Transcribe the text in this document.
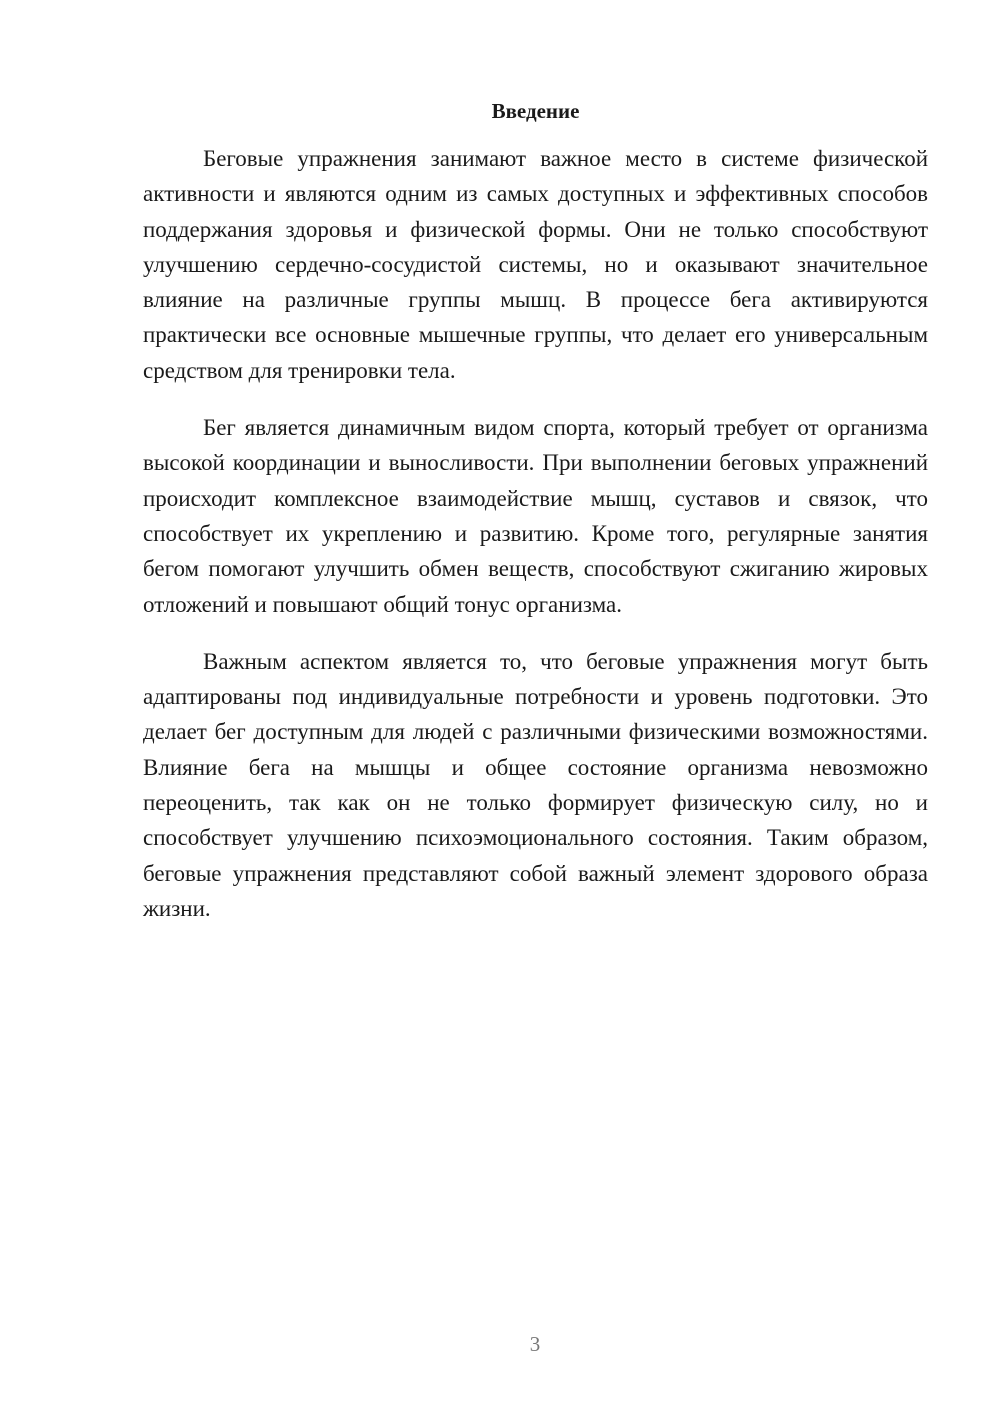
Введение

Беговые упражнения занимают важное место в системе физической активности и являются одним из самых доступных и эффективных способов поддержания здоровья и физической формы. Они не только способствуют улучшению сердечно-сосудистой системы, но и оказывают значительное влияние на различные группы мышц. В процессе бега активируются практически все основные мышечные группы, что делает его универсальным средством для тренировки тела.

Бег является динамичным видом спорта, который требует от организма высокой координации и выносливости. При выполнении беговых упражнений происходит комплексное взаимодействие мышц, суставов и связок, что способствует их укреплению и развитию. Кроме того, регулярные занятия бегом помогают улучшить обмен веществ, способствуют сжиганию жировых отложений и повышают общий тонус организма.

Важным аспектом является то, что беговые упражнения могут быть адаптированы под индивидуальные потребности и уровень подготовки. Это делает бег доступным для людей с различными физическими возможностями. Влияние бега на мышцы и общее состояние организма невозможно переоценить, так как он не только формирует физическую силу, но и способствует улучшению психоэмоционального состояния. Таким образом, беговые упражнения представляют собой важный элемент здорового образа жизни.

3
